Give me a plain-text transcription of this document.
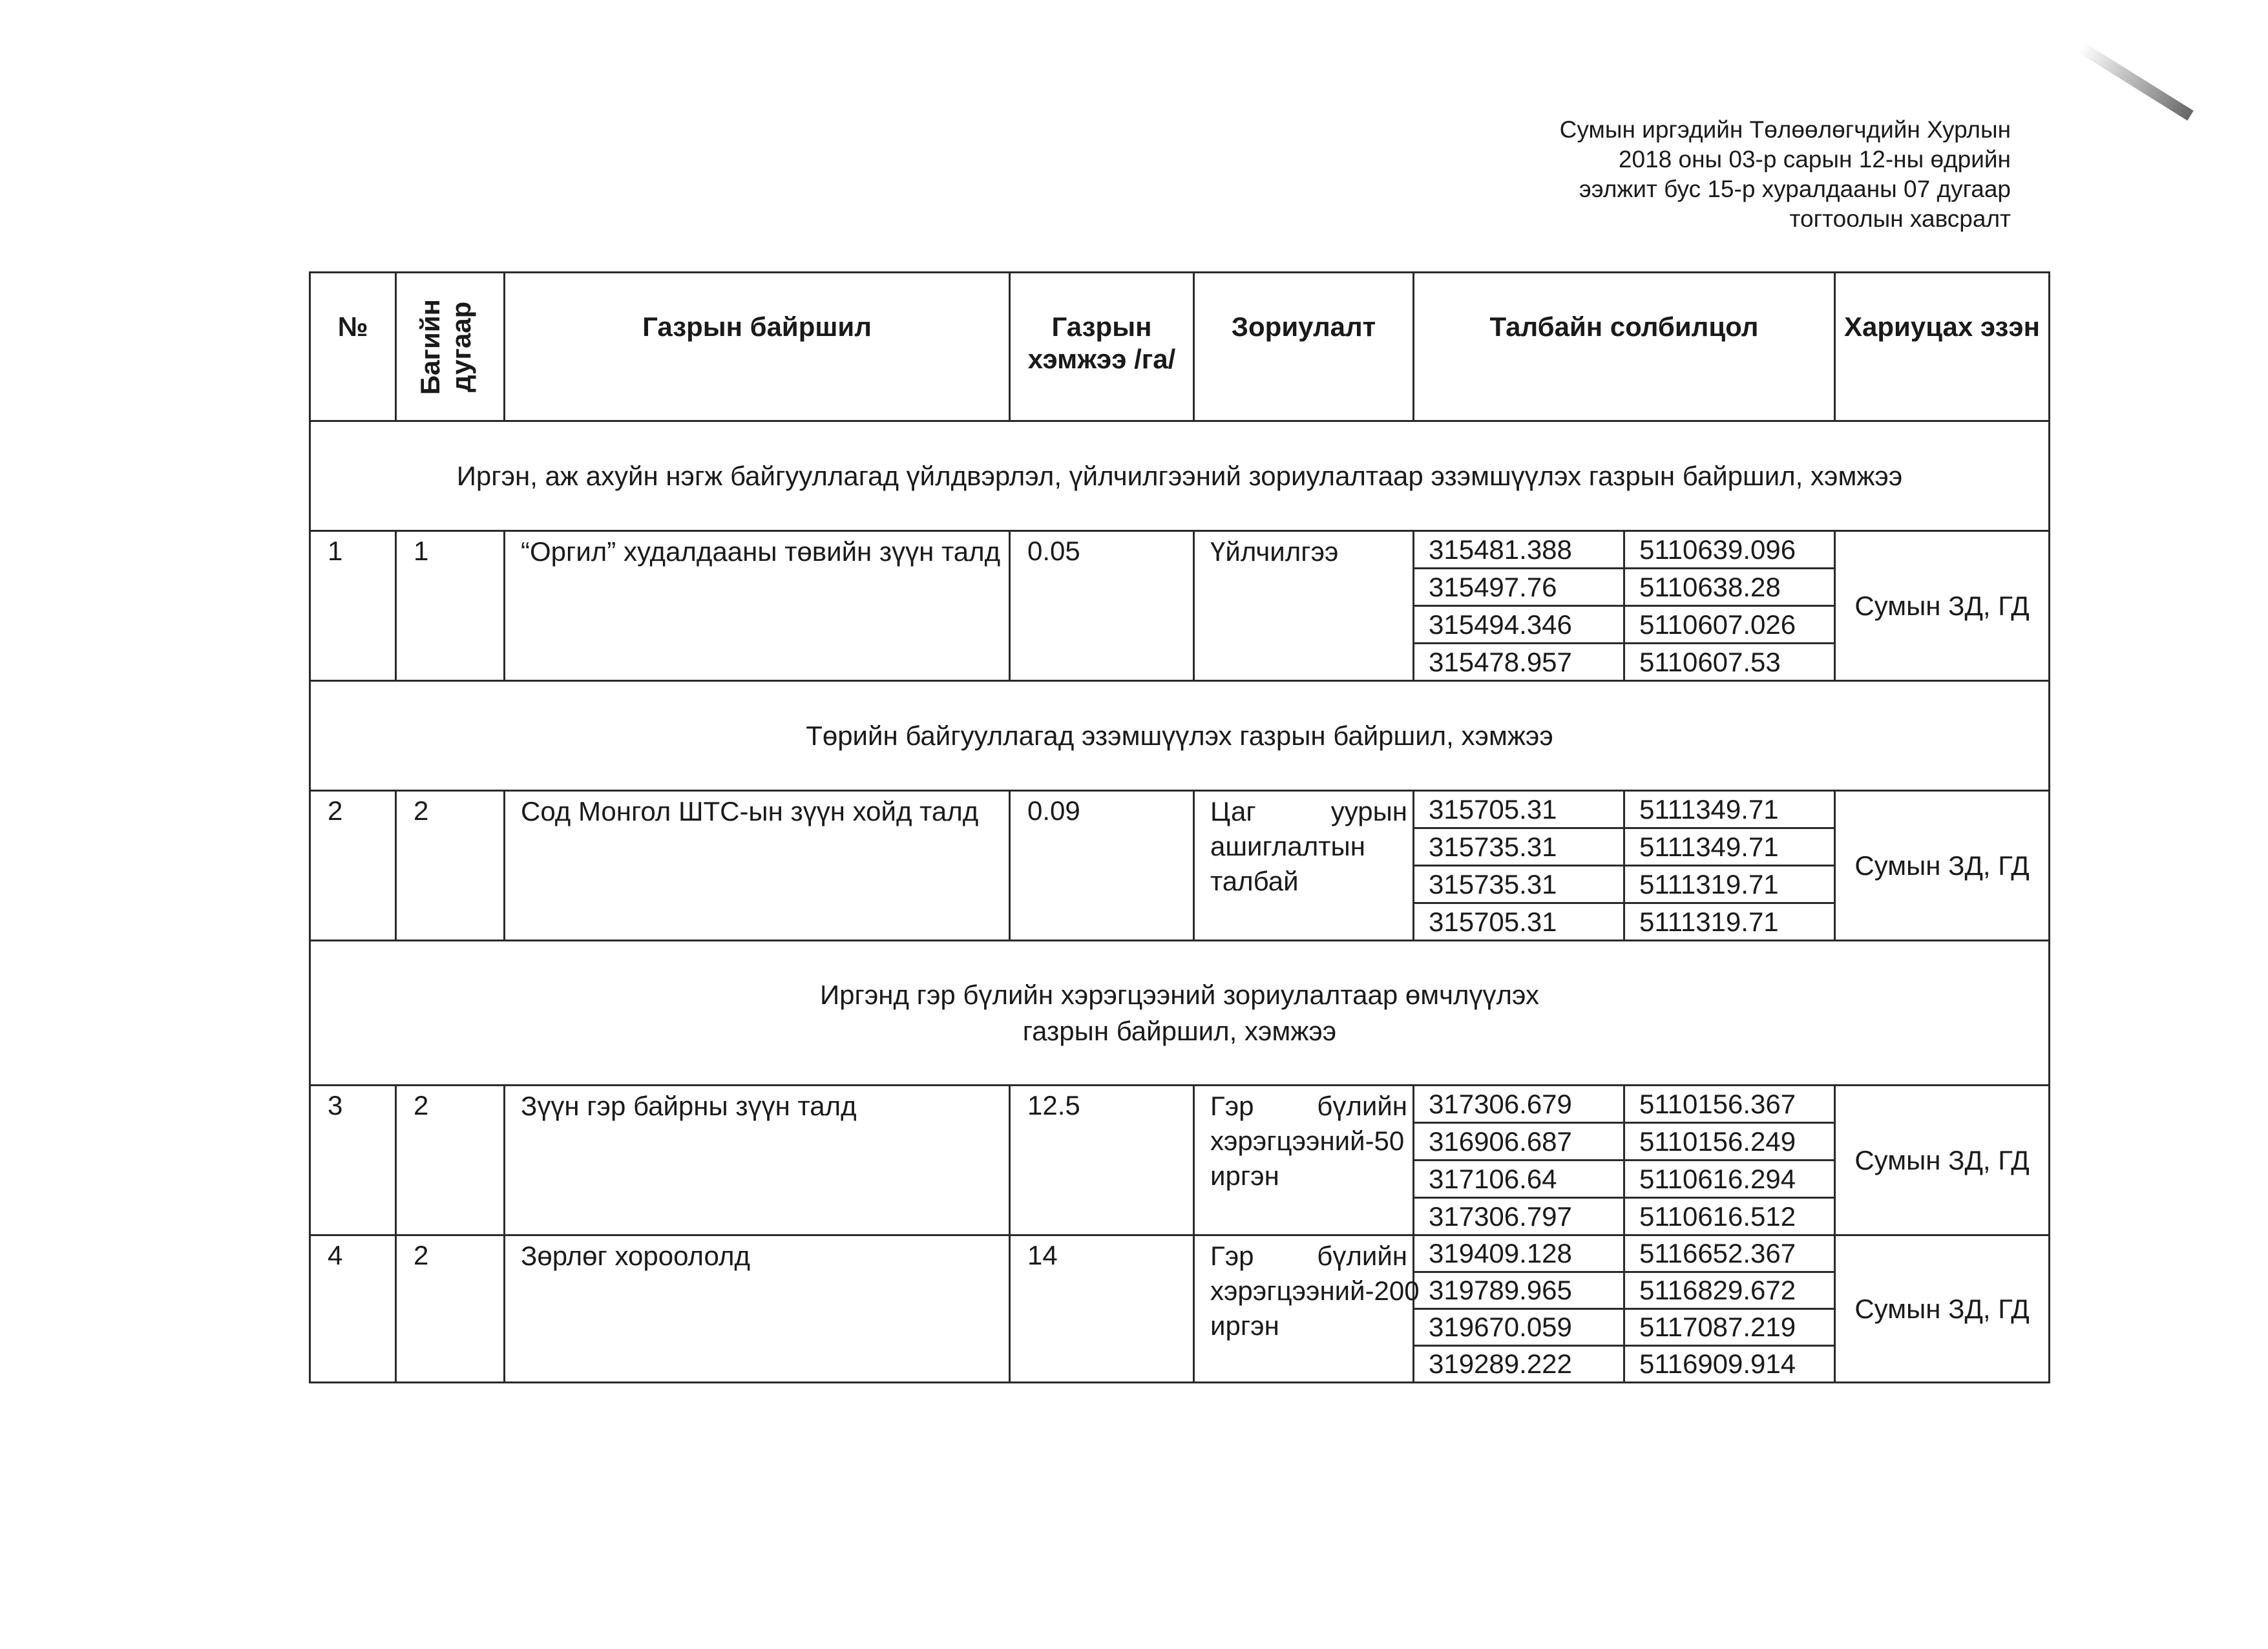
Сумын иргэдийн Төлөөлөгчдийн Хурлын
2018 оны 03-р сарын 12-ны өдрийн
ээлжит бус 15-р хуралдааны 07 дугаар
тогтоолын хавсралт
№	Багийн дугаар	Газрын байршил	Газрын хэмжээ /га/	Зориулалт	Талбайн солбилцол		Хариуцах эзэн
Иргэн, аж ахуйн нэгж байгууллагад үйлдвэрлэл, үйлчилгээний зориулалтаар эзэмшүүлэх газрын байршил, хэмжээ							
1	1	“Оргил” худалдааны төвийн зүүн талд	0.05	Үйлчилгээ	315481.388	5110639.096	Сумын ЗД, ГД
					315497.76	5110638.28	
					315494.346	5110607.026	
					315478.957	5110607.53	
Төрийн байгууллагад эзэмшүүлэх газрын байршил, хэмжээ							
2	2	Сод Монгол ШТС-ын зүүн хойд талд	0.09	Цаг уурын ашиглалтын талбай	315705.31	5111349.71	Сумын ЗД, ГД
					315735.31	5111349.71	
					315735.31	5111319.71	
					315705.31	5111319.71	

Иргэнд гэр бүлийн хэрэгцээний зориулалтаар өмчлүүлэх
газрын байршил, хэмжээ							

3	2	Зүүн гэр байрны зүүн талд	12.5	Гэр бүлийн хэрэгцээний-50 иргэн	317306.679	5110156.367	Сумын ЗД, ГД
					316906.687	5110156.249	
					317106.64	5110616.294	
					317306.797	5110616.512	
4	2	Зөрлөг хороололд	14	Гэр бүлийн хэрэгцээний-200 иргэн	319409.128	5116652.367	Сумын ЗД, ГД
					319789.965	5116829.672	
					319670.059	5117087.219	
					319289.222	5116909.914	
